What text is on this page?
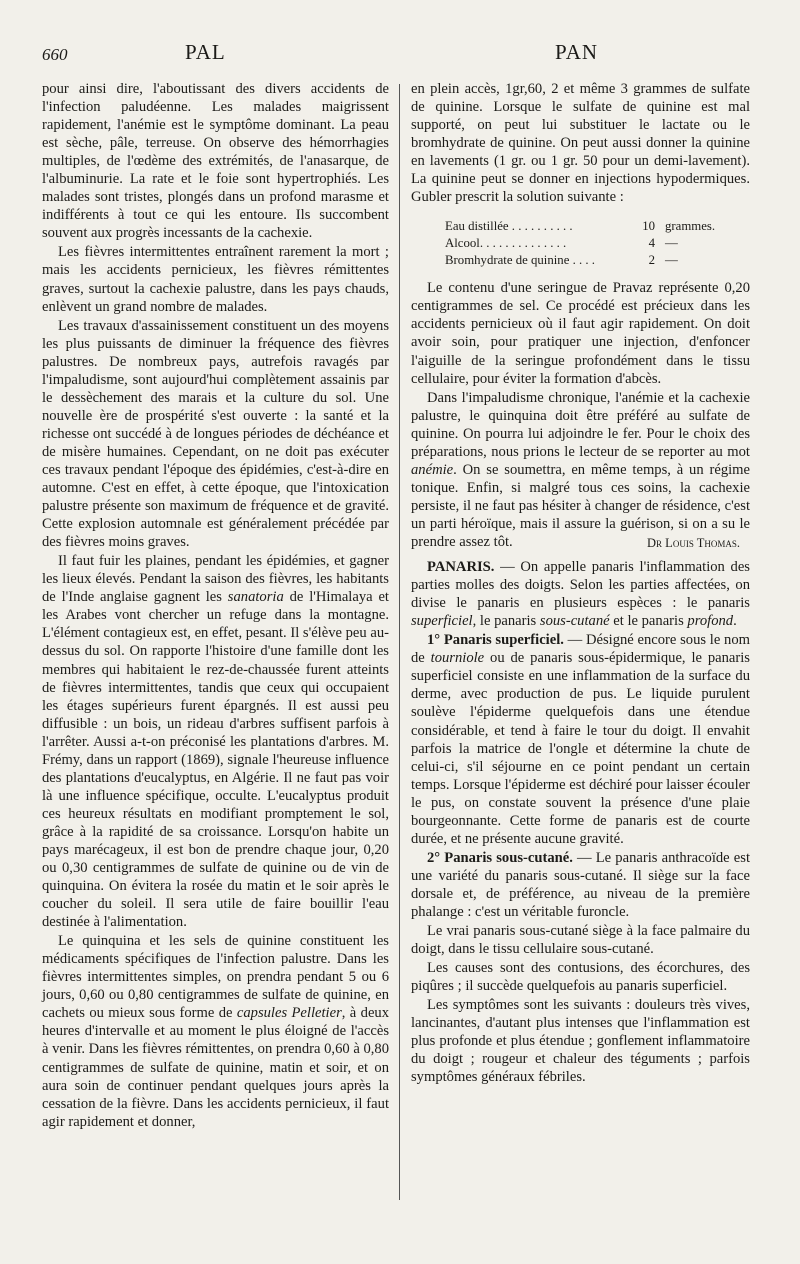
660	PAL	PAN

pour ainsi dire, l'aboutissant des divers accidents de l'infection paludéenne. Les malades maigrissent rapidement, l'anémie est le symptôme dominant. La peau est sèche, pâle, terreuse. On observe des hémorrhagies multiples, de l'œdème des extrémités, de l'anasarque, de l'albuminurie. La rate et le foie sont hypertrophiés. Les malades sont tristes, plongés dans un profond marasme et indifférents à tout ce qui les entoure. Ils succombent souvent aux progrès incessants de la cachexie.

Les fièvres intermittentes entraînent rarement la mort ; mais les accidents pernicieux, les fièvres rémittentes graves, surtout la cachexie palustre, dans les pays chauds, enlèvent un grand nombre de malades.

Les travaux d'assainissement constituent un des moyens les plus puissants de diminuer la fréquence des fièvres palustres. De nombreux pays, autrefois ravagés par l'impaludisme, sont aujourd'hui complètement assainis par le dessèchement des marais et la culture du sol. Une nouvelle ère de prospérité s'est ouverte : la santé et la richesse ont succédé à de longues périodes de déchéance et de misère humaines. Cependant, on ne doit pas exécuter ces travaux pendant l'époque des épidémies, c'est-à-dire en automne. C'est en effet, à cette époque, que l'intoxication palustre présente son maximum de fréquence et de gravité. Cette explosion automnale est généralement précédée par des fièvres moins graves.

Il faut fuir les plaines, pendant les épidémies, et gagner les lieux élevés. Pendant la saison des fièvres, les habitants de l'Inde anglaise gagnent les sanatoria de l'Himalaya et les Arabes vont chercher un refuge dans la montagne. L'élément contagieux est, en effet, pesant. Il s'élève peu au-dessus du sol. On rapporte l'histoire d'une famille dont les membres qui habitaient le rez-de-chaussée furent atteints de fièvres intermittentes, tandis que ceux qui occupaient les étages supérieurs furent épargnés. Il est aussi peu diffusible : un bois, un rideau d'arbres suffisent parfois à l'arrêter. Aussi a-t-on préconisé les plantations d'arbres. M. Frémy, dans un rapport (1869), signale l'heureuse influence des plantations d'eucalyptus, en Algérie. Il ne faut pas voir là une influence spécifique, occulte. L'eucalyptus produit ces heureux résultats en modifiant promptement le sol, grâce à la rapidité de sa croissance. Lorsqu'on habite un pays marécageux, il est bon de prendre chaque jour, 0,20 ou 0,30 centigrammes de sulfate de quinine ou de vin de quinquina. On évitera la rosée du matin et le soir après le coucher du soleil. Il sera utile de faire bouillir l'eau destinée à l'alimentation.

Le quinquina et les sels de quinine constituent les médicaments spécifiques de l'infection palustre. Dans les fièvres intermittentes simples, on prendra pendant 5 ou 6 jours, 0,60 ou 0,80 centigrammes de sulfate de quinine, en cachets ou mieux sous forme de capsules Pelletier, à deux heures d'intervalle et au moment le plus éloigné de l'accès à venir. Dans les fièvres rémittentes, on prendra 0,60 à 0,80 centigrammes de sulfate de quinine, matin et soir, et on aura soin de continuer pendant quelques jours après la cessation de la fièvre. Dans les accidents pernicieux, il faut agir rapidement et donner,

en plein accès, 1gr,60, 2 et même 3 grammes de sulfate de quinine. Lorsque le sulfate de quinine est mal supporté, on peut lui substituer le lactate ou le bromhydrate de quinine. On peut aussi donner la quinine en lavements (1 gr. ou 1 gr. 50 pour un demi-lavement). La quinine peut se donner en injections hypodermiques. Gubler prescrit la solution suivante :

Eau distillée . . . . . . . . . .	10 grammes.
Alcool. . . . . . . . . . . . . .	4 —
Bromhydrate de quinine . . . .	2 —

Le contenu d'une seringue de Pravaz représente 0,20 centigrammes de sel. Ce procédé est précieux dans les accidents pernicieux où il faut agir rapidement. On doit avoir soin, pour pratiquer une injection, d'enfoncer l'aiguille de la seringue profondément dans le tissu cellulaire, pour éviter la formation d'abcès.

Dans l'impaludisme chronique, l'anémie et la cachexie palustre, le quinquina doit être préféré au sulfate de quinine. On pourra lui adjoindre le fer. Pour le choix des préparations, nous prions le lecteur de se reporter au mot anémie. On se soumettra, en même temps, à un régime tonique. Enfin, si malgré tous ces soins, la cachexie persiste, il ne faut pas hésiter à changer de résidence, c'est un parti héroïque, mais il assure la guérison, si on a su le prendre assez tôt.	Dr Louis Thomas.

PANARIS. — On appelle panaris l'inflammation des parties molles des doigts. Selon les parties affectées, on divise le panaris en plusieurs espèces : le panaris superficiel, le panaris sous-cutané et le panaris profond.

1° Panaris superficiel. — Désigné encore sous le nom de tourniole ou de panaris sous-épidermique, le panaris superficiel consiste en une inflammation de la surface du derme, avec production de pus. Le liquide purulent soulève l'épiderme quelquefois dans une étendue considérable, et tend à faire le tour du doigt. Il envahit parfois la matrice de l'ongle et détermine la chute de celui-ci, s'il séjourne en ce point pendant un certain temps. Lorsque l'épiderme est déchiré pour laisser écouler le pus, on constate souvent la présence d'une plaie bourgeonnante. Cette forme de panaris est de courte durée, et ne présente aucune gravité.

2° Panaris sous-cutané. — Le panaris anthracoïde est une variété du panaris sous-cutané. Il siège sur la face dorsale et, de préférence, au niveau de la première phalange : c'est un véritable furoncle.

Le vrai panaris sous-cutané siège à la face palmaire du doigt, dans le tissu cellulaire sous-cutané.

Les causes sont des contusions, des écorchures, des piqûres ; il succède quelquefois au panaris superficiel.

Les symptômes sont les suivants : douleurs très vives, lancinantes, d'autant plus intenses que l'inflammation est plus profonde et plus étendue ; gonflement inflammatoire du doigt ; rougeur et chaleur des téguments ; parfois symptômes généraux fébriles.
